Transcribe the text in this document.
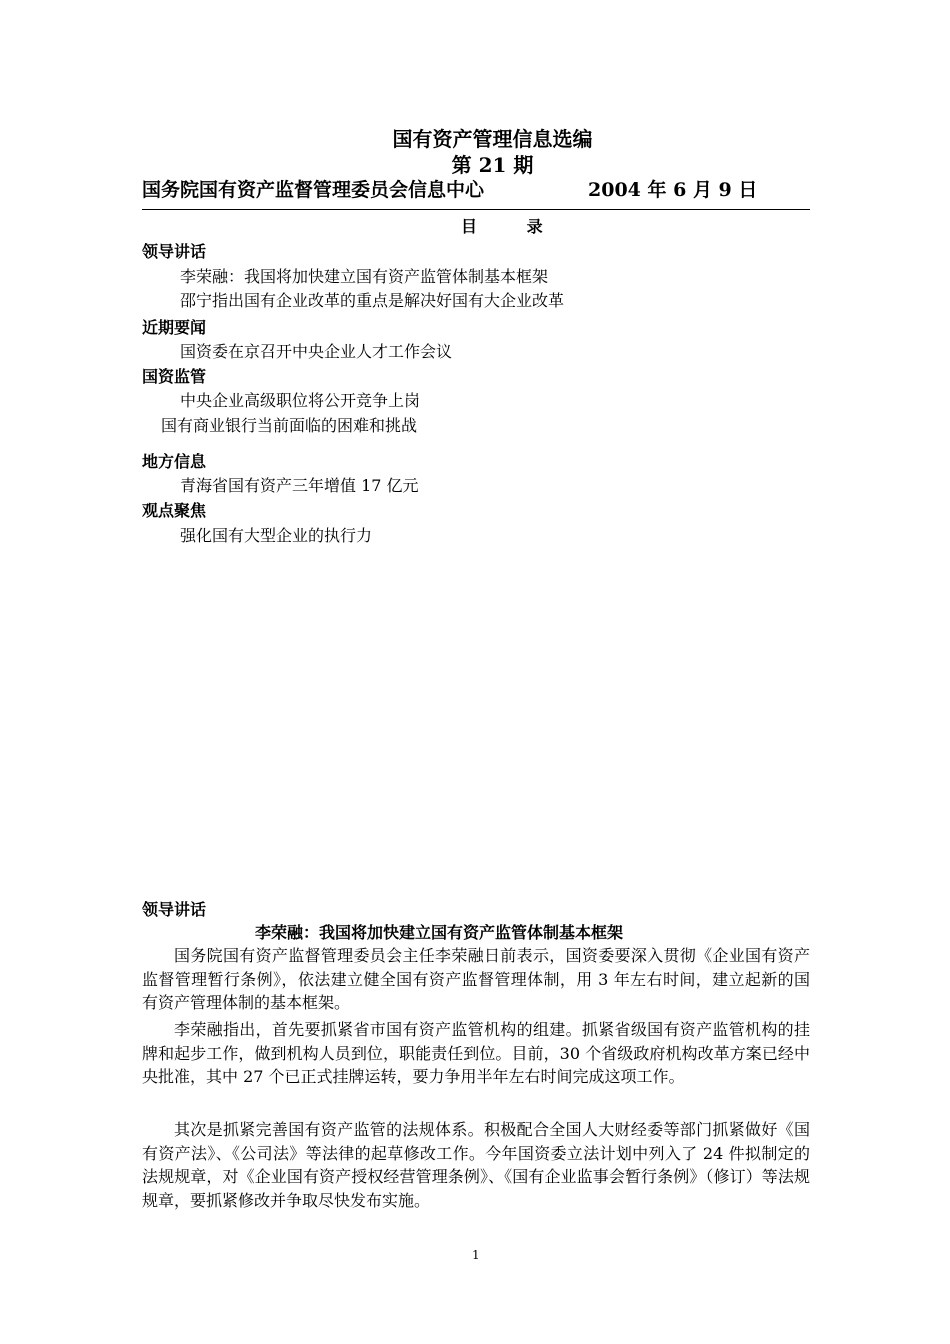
国有资产管理信息选编
第 21 期
国务院国有资产监督管理委员会信息中心	2004 年 6 月 9 日
目 录
领导讲话
李荣融：我国将加快建立国有资产监管体制基本框架
邵宁指出国有企业改革的重点是解决好国有大企业改革
近期要闻
国资委在京召开中央企业人才工作会议
国资监管
中央企业高级职位将公开竞争上岗
国有商业银行当前面临的困难和挑战
地方信息
青海省国有资产三年增值 17 亿元
观点聚焦
强化国有大型企业的执行力
领导讲话
李荣融：我国将加快建立国有资产监管体制基本框架

国务院国有资产监督管理委员会主任李荣融日前表示，国资委要深入贯彻《企业国有资产监督管理暂行条例》，依法建立健全国有资产监督管理体制，用 3 年左右时间，建立起新的国有资产管理体制的基本框架。

李荣融指出，首先要抓紧省市国有资产监管机构的组建。抓紧省级国有资产监管机构的挂牌和起步工作，做到机构人员到位，职能责任到位。目前，30 个省级政府机构改革方案已经中央批准，其中 27 个已正式挂牌运转，要力争用半年左右时间完成这项工作。

其次是抓紧完善国有资产监管的法规体系。积极配合全国人大财经委等部门抓紧做好《国有资产法》、《公司法》等法律的起草修改工作。今年国资委立法计划中列入了 24 件拟制定的法规规章，对《企业国有资产授权经营管理条例》、《国有企业监事会暂行条例》（修订）等法规规章，要抓紧修改并争取尽快发布实施。

1
